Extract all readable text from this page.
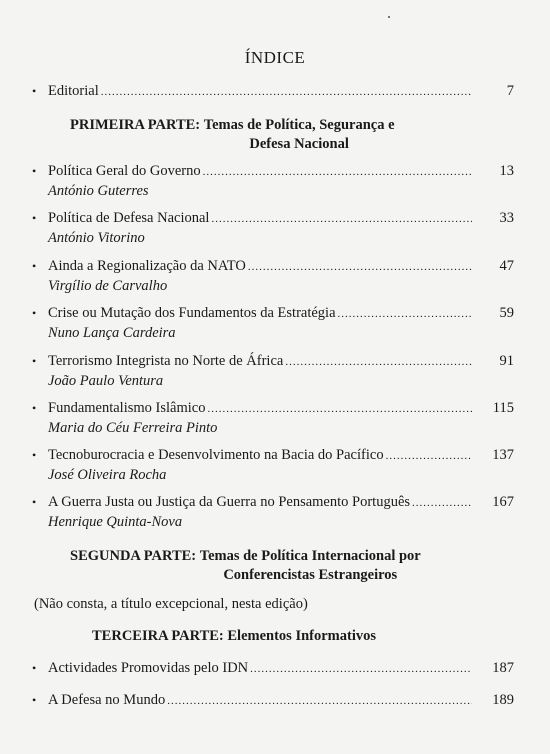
ÍNDICE
• Editorial .....	7
PRIMEIRA PARTE: Temas de Política, Segurança e
Defesa Nacional
• Política Geral do Governo .....	13
António Guterres
• Política de Defesa Nacional .....	33
António Vitorino
• Ainda a Regionalização da NATO .....	47
Virgílio de Carvalho
• Crise ou Mutação dos Fundamentos da Estratégia .....	59
Nuno Lança Cardeira
• Terrorismo Integrista no Norte de África .....	91
João Paulo Ventura
• Fundamentalismo Islâmico .....	115
Maria do Céu Ferreira Pinto
• Tecnoburocracia e Desenvolvimento na Bacia do Pacífico .....	137
José Oliveira Rocha
• A Guerra Justa ou Justiça da Guerra no Pensamento Português .....	167
Henrique Quinta-Nova
SEGUNDA PARTE: Temas de Política Internacional por
Conferencistas Estrangeiros
(Não consta, a título excepcional, nesta edição)
TERCEIRA PARTE: Elementos Informativos
• Actividades Promovidas pelo IDN .....	187
• A Defesa no Mundo .....	189
